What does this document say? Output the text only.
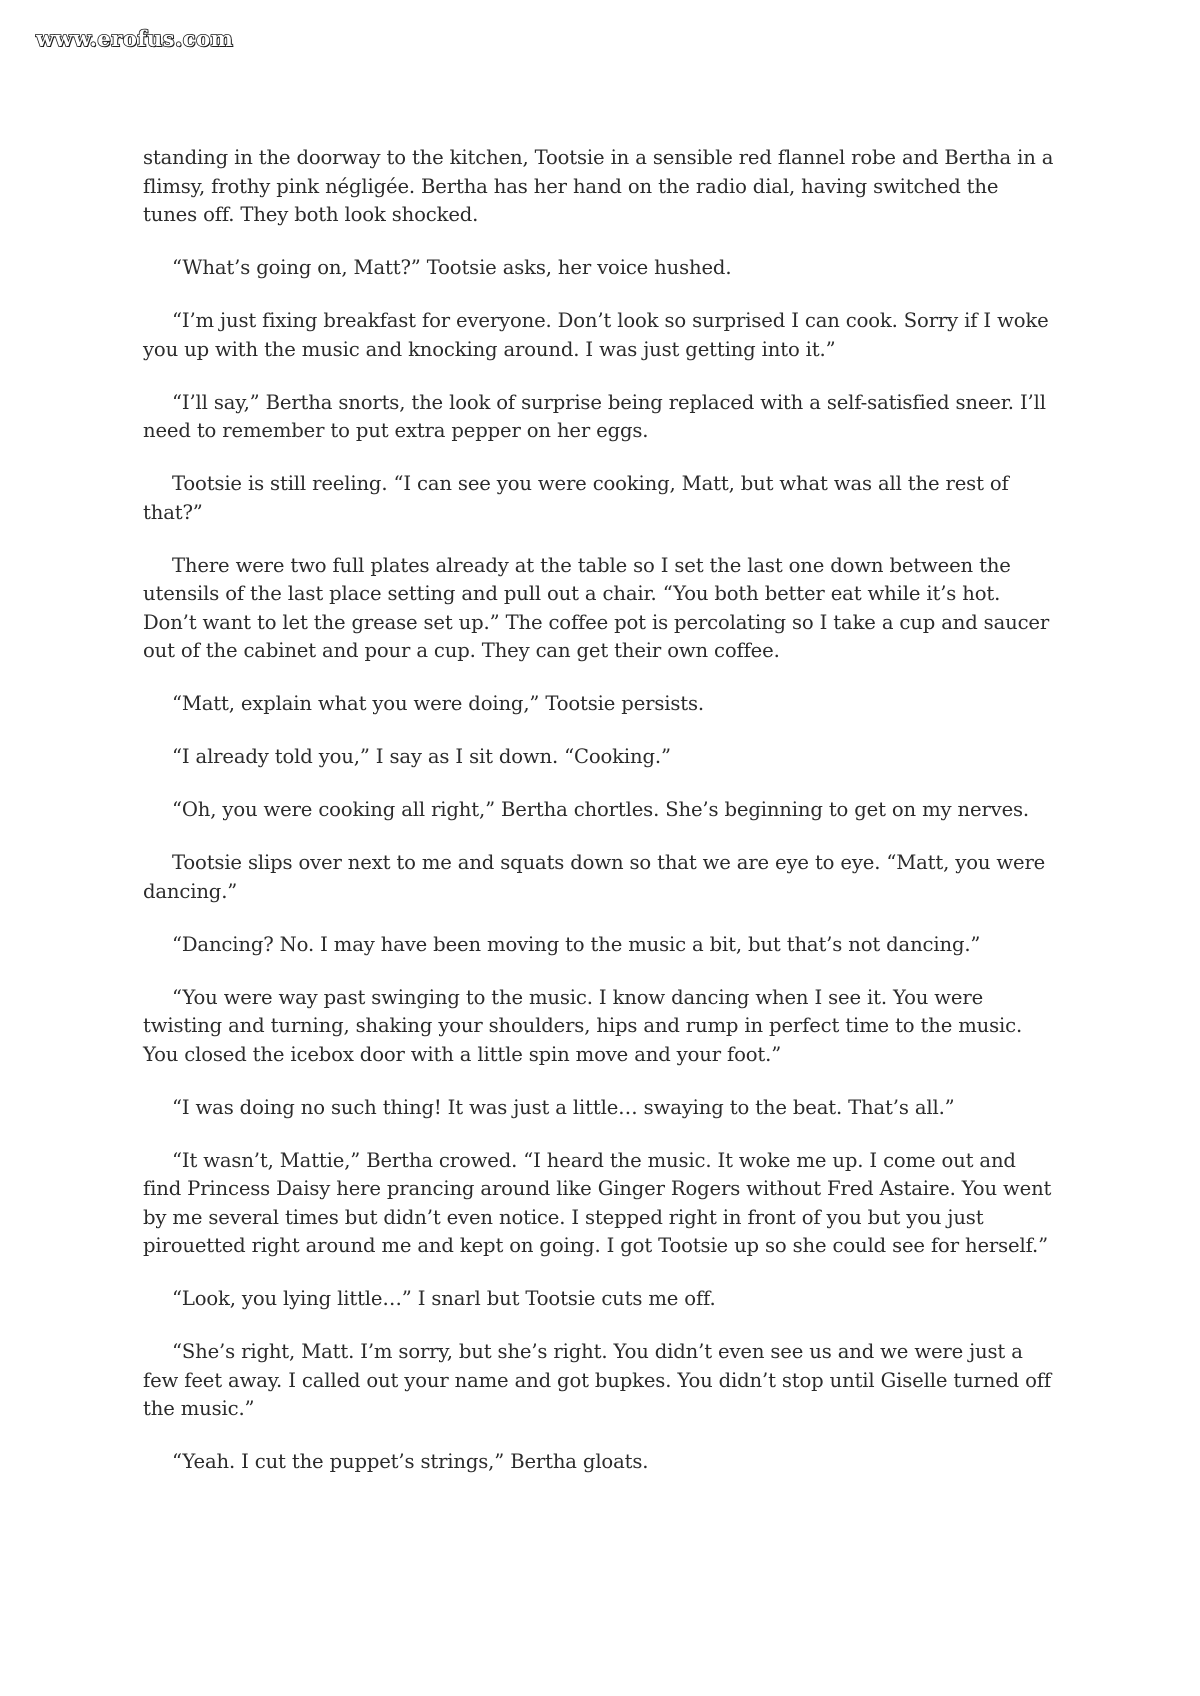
www.erofus.com

standing in the doorway to the kitchen, Tootsie in a sensible red flannel robe and Bertha in a flimsy, frothy pink négligée. Bertha has her hand on the radio dial, having switched the tunes off. They both look shocked.

“What’s going on, Matt?” Tootsie asks, her voice hushed.

“I’m just fixing breakfast for everyone. Don’t look so surprised I can cook. Sorry if I woke you up with the music and knocking around. I was just getting into it.”

“I’ll say,” Bertha snorts, the look of surprise being replaced with a self-satisfied sneer. I’ll need to remember to put extra pepper on her eggs.

Tootsie is still reeling. “I can see you were cooking, Matt, but what was all the rest of that?”

There were two full plates already at the table so I set the last one down between the utensils of the last place setting and pull out a chair. “You both better eat while it’s hot. Don’t want to let the grease set up.” The coffee pot is percolating so I take a cup and saucer out of the cabinet and pour a cup. They can get their own coffee.

“Matt, explain what you were doing,” Tootsie persists.

“I already told you,” I say as I sit down. “Cooking.”

“Oh, you were cooking all right,” Bertha chortles. She’s beginning to get on my nerves.

Tootsie slips over next to me and squats down so that we are eye to eye. “Matt, you were dancing.”

“Dancing? No. I may have been moving to the music a bit, but that’s not dancing.”

“You were way past swinging to the music. I know dancing when I see it. You were twisting and turning, shaking your shoulders, hips and rump in perfect time to the music. You closed the icebox door with a little spin move and your foot.”

“I was doing no such thing! It was just a little… swaying to the beat. That’s all.”

“It wasn’t, Mattie,” Bertha crowed. “I heard the music. It woke me up. I come out and find Princess Daisy here prancing around like Ginger Rogers without Fred Astaire. You went by me several times but didn’t even notice. I stepped right in front of you but you just pirouetted right around me and kept on going. I got Tootsie up so she could see for herself.”

“Look, you lying little…” I snarl but Tootsie cuts me off.

“She’s right, Matt. I’m sorry, but she’s right. You didn’t even see us and we were just a few feet away. I called out your name and got bupkes. You didn’t stop until Giselle turned off the music.”

“Yeah. I cut the puppet’s strings,” Bertha gloats.
